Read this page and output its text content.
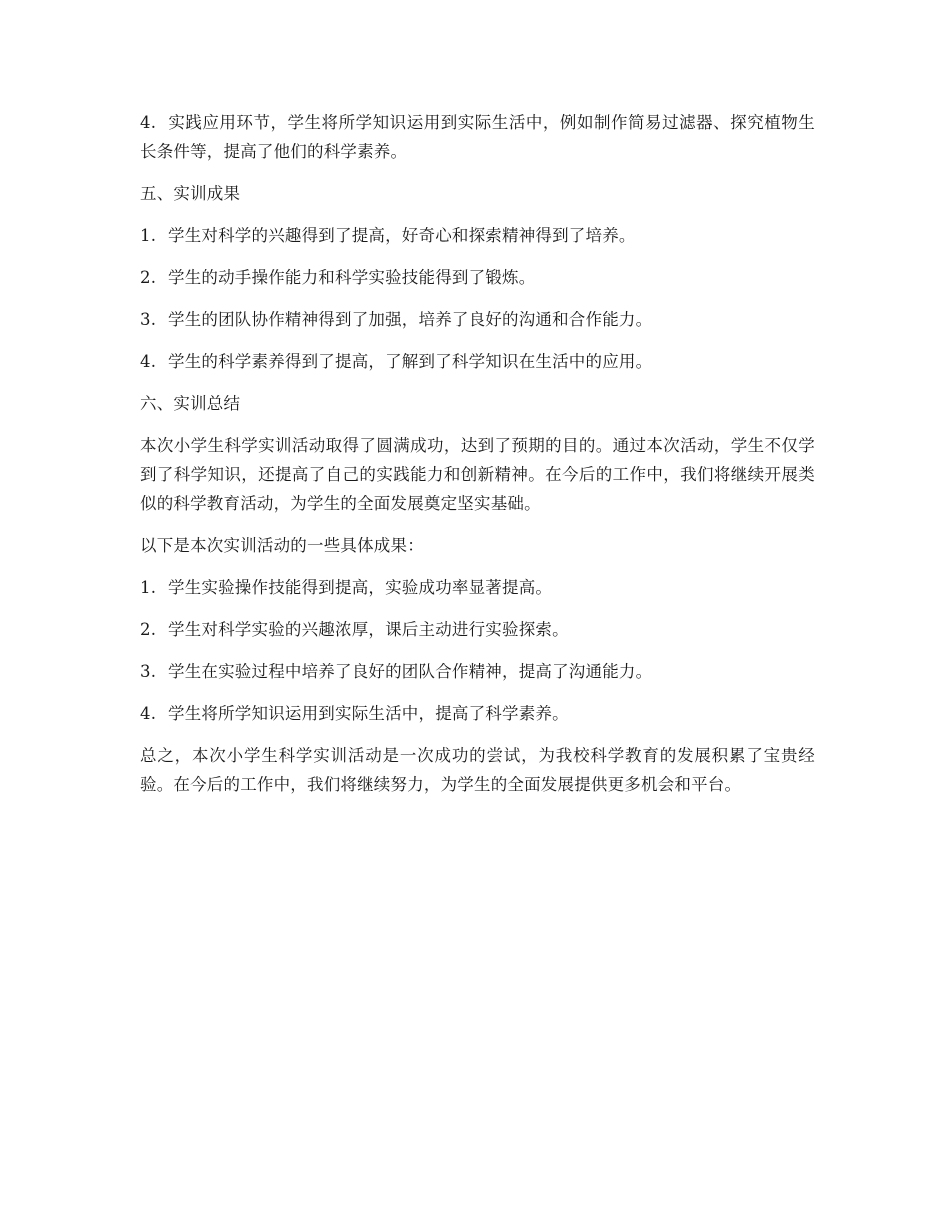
4. 实践应用环节，学生将所学知识运用到实际生活中，例如制作简易过滤器、探究植物生长条件等，提高了他们的科学素养。

五、实训成果

1. 学生对科学的兴趣得到了提高，好奇心和探索精神得到了培养。

2. 学生的动手操作能力和科学实验技能得到了锻炼。

3. 学生的团队协作精神得到了加强，培养了良好的沟通和合作能力。

4. 学生的科学素养得到了提高，了解到了科学知识在生活中的应用。

六、实训总结

本次小学生科学实训活动取得了圆满成功，达到了预期的目的。通过本次活动，学生不仅学到了科学知识，还提高了自己的实践能力和创新精神。在今后的工作中，我们将继续开展类似的科学教育活动，为学生的全面发展奠定坚实基础。

以下是本次实训活动的一些具体成果：

1. 学生实验操作技能得到提高，实验成功率显著提高。

2. 学生对科学实验的兴趣浓厚，课后主动进行实验探索。

3. 学生在实验过程中培养了良好的团队合作精神，提高了沟通能力。

4. 学生将所学知识运用到实际生活中，提高了科学素养。

总之，本次小学生科学实训活动是一次成功的尝试，为我校科学教育的发展积累了宝贵经验。在今后的工作中，我们将继续努力，为学生的全面发展提供更多机会和平台。
